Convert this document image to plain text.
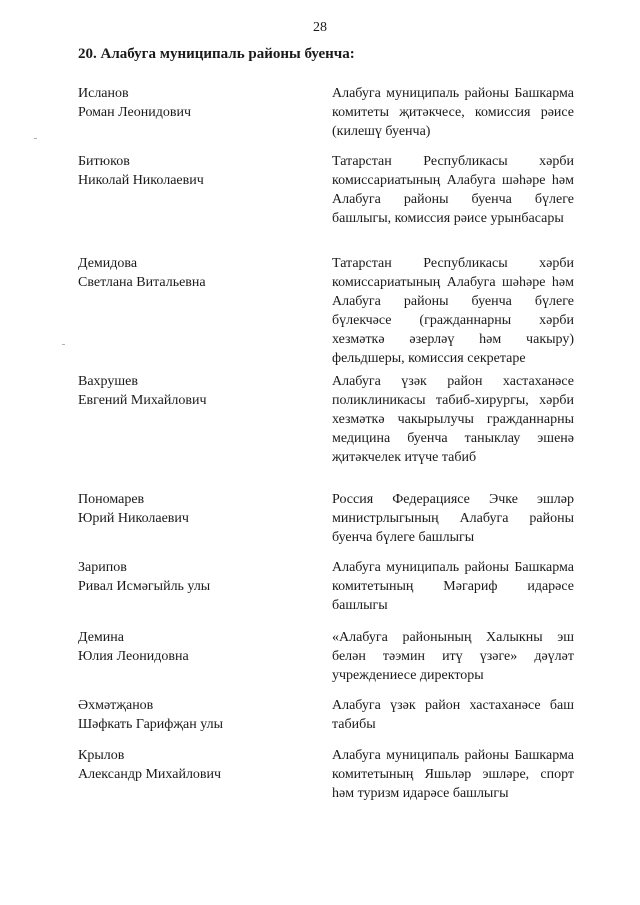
28
20. Алабуга муниципаль районы буенча:
Исланов
Роман Леонидович
Алабуга муниципаль районы Башкарма комитеты җитәкчесе, комиссия рәисе (килешү буенча)
Битюков
Николай Николаевич
Татарстан Республикасы хәрби комиссариатының Алабуга шәһәре һәм Алабуга районы буенча бүлеге башлыгы, комиссия рәисе урынбасары
Демидова
Светлана Витальевна
Татарстан Республикасы хәрби комиссариатының Алабуга шәһәре һәм Алабуга районы буенча бүлеге бүлекчәсе (гражданнарны хәрби хезмәткә әзерләү һәм чакыру) фельдшеры, комиссия секретаре
Вахрушев
Евгений Михайлович
Алабуга үзәк район хастаханәсе поликлиникасы табиб-хирургы, хәрби хезмәткә чакырылучы гражданнарны медицина буенча таныклау эшенә җитәкчелек итүче табиб
Пономарев
Юрий Николаевич
Россия Федерациясе Эчке эшләр министрлыгының Алабуга районы буенча бүлеге башлыгы
Зарипов
Ривал Исмәгыйль улы
Алабуга муниципаль районы Башкарма комитетының Мәгариф идарәсе башлыгы
Демина
Юлия Леонидовна
«Алабуга районының Халыкны эш белән тәэмин итү үзәге» дәүләт учреждениесе директоры
Әхмәтҗанов
Шәфкать Гарифҗан улы
Алабуга үзәк район хастаханәсе баш табибы
Крылов
Александр Михайлович
Алабуга муниципаль районы Башкарма комитетының Яшьләр эшләре, спорт һәм туризм идарәсе башлыгы
